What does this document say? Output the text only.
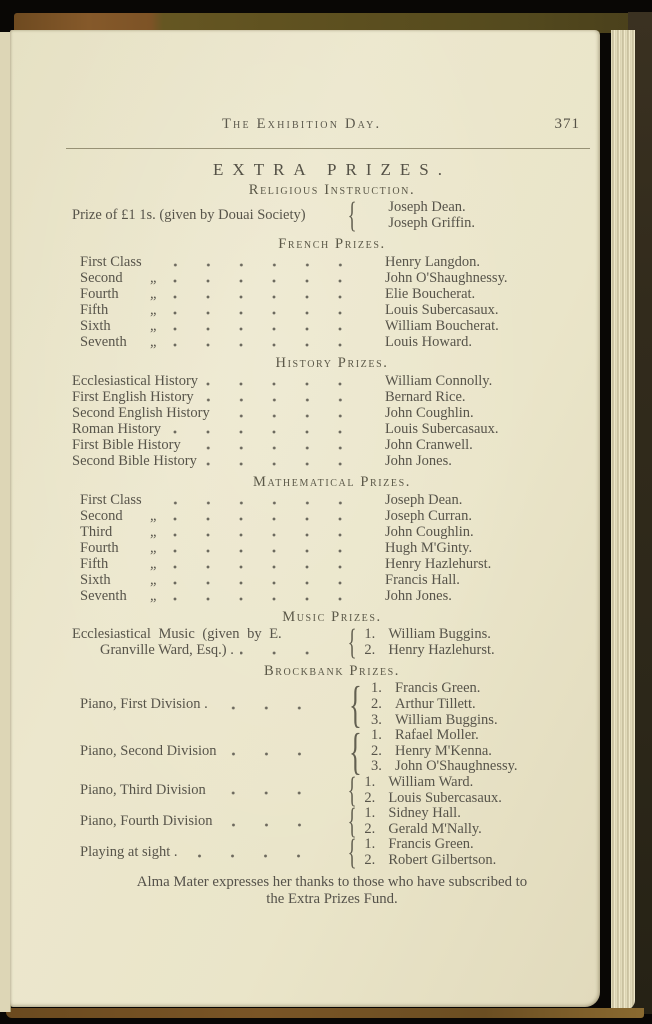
The Exhibition Day.	371
EXTRA PRIZES.
Religious Instruction.
Prize of £1 1s. (given by Douai Society) { Joseph Dean.
Joseph Griffin.
French Prizes.
First Class	Henry Langdon.
Second	„	John O'Shaughnessy.
Fourth	„	Elie Boucherat.
Fifth	„	Louis Subercasaux.
Sixth	„	William Boucherat.
Seventh	„	Louis Howard.
History Prizes.
Ecclesiastical History	William Connolly.
First English History	Bernard Rice.
Second English History	John Coughlin.
Roman History	Louis Subercasaux.
First Bible History	John Cranwell.
Second Bible History	John Jones.
Mathematical Prizes.
First Class	Joseph Dean.
Second	„	Joseph Curran.
Third	„	John Coughlin.
Fourth	„	Hugh M'Ginty.
Fifth	„	Henry Hazlehurst.
Sixth	„	Francis Hall.
Seventh	„	John Jones.
Music Prizes.
Ecclesiastical Music (given by E.
Granville Ward, Esq.) .	{ 1. William Buggins.
2. Henry Hazlehurst.
Brockbank Prizes.
Piano, First Division .	{ 1. Francis Green.
2. Arthur Tillett.
3. William Buggins.
Piano, Second Division	{ 1. Rafael Moller.
2. Henry M'Kenna.
3. John O'Shaughnessy.
Piano, Third Division	{ 1. William Ward.
2. Louis Subercasaux.
Piano, Fourth Division	{ 1. Sidney Hall.
2. Gerald M'Nally.
Playing at sight .	{ 1. Francis Green.
2. Robert Gilbertson.
Alma Mater expresses her thanks to those who have subscribed to
the Extra Prizes Fund.
